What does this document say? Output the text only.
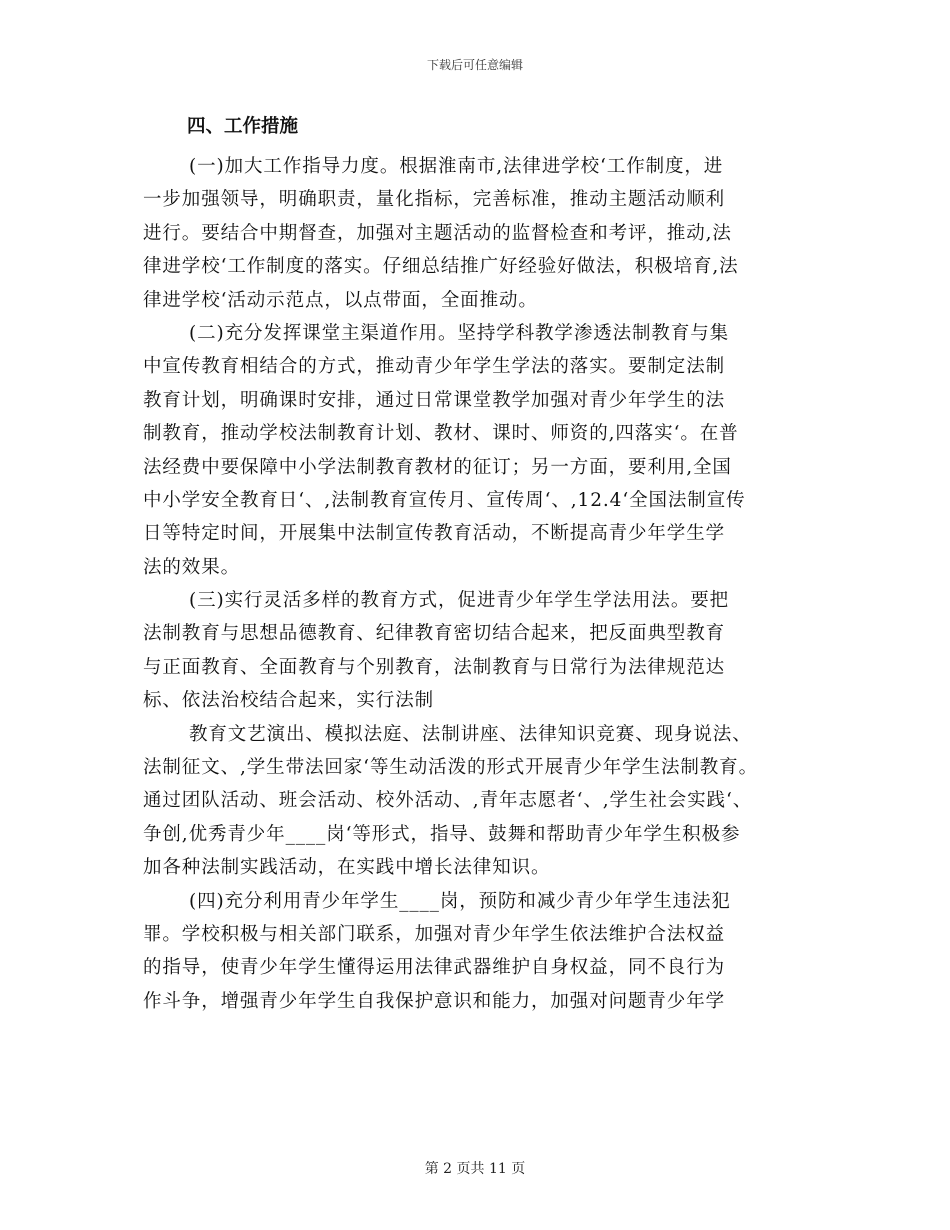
下载后可任意编辑
四、工作措施
(一)加大工作指导力度。根据淮南市,法律进学校‘工作制度，进
一步加强领导，明确职责，量化指标，完善标准，推动主题活动顺利
进行。要结合中期督查，加强对主题活动的监督检查和考评，推动,法
律进学校‘工作制度的落实。仔细总结推广好经验好做法，积极培育,法
律进学校‘活动示范点，以点带面，全面推动。
(二)充分发挥课堂主渠道作用。坚持学科教学渗透法制教育与集
中宣传教育相结合的方式，推动青少年学生学法的落实。要制定法制
教育计划，明确课时安排，通过日常课堂教学加强对青少年学生的法
制教育，推动学校法制教育计划、教材、课时、师资的,四落实‘。在普
法经费中要保障中小学法制教育教材的征订；另一方面，要利用,全国
中小学安全教育日‘、,法制教育宣传月、宣传周‘、,12.4‘全国法制宣传
日等特定时间，开展集中法制宣传教育活动，不断提高青少年学生学
法的效果。
(三)实行灵活多样的教育方式，促进青少年学生学法用法。要把
法制教育与思想品德教育、纪律教育密切结合起来，把反面典型教育
与正面教育、全面教育与个别教育，法制教育与日常行为法律规范达
标、依法治校结合起来，实行法制
教育文艺演出、模拟法庭、法制讲座、法律知识竞赛、现身说法、
法制征文、,学生带法回家‘等生动活泼的形式开展青少年学生法制教育。
通过团队活动、班会活动、校外活动、,青年志愿者‘、,学生社会实践‘、
争创,优秀青少年____岗‘等形式，指导、鼓舞和帮助青少年学生积极参
加各种法制实践活动，在实践中增长法律知识。
(四)充分利用青少年学生____岗，预防和减少青少年学生违法犯
罪。学校积极与相关部门联系，加强对青少年学生依法维护合法权益
的指导，使青少年学生懂得运用法律武器维护自身权益，同不良行为
作斗争，增强青少年学生自我保护意识和能力，加强对问题青少年学
第 2 页共 11 页
